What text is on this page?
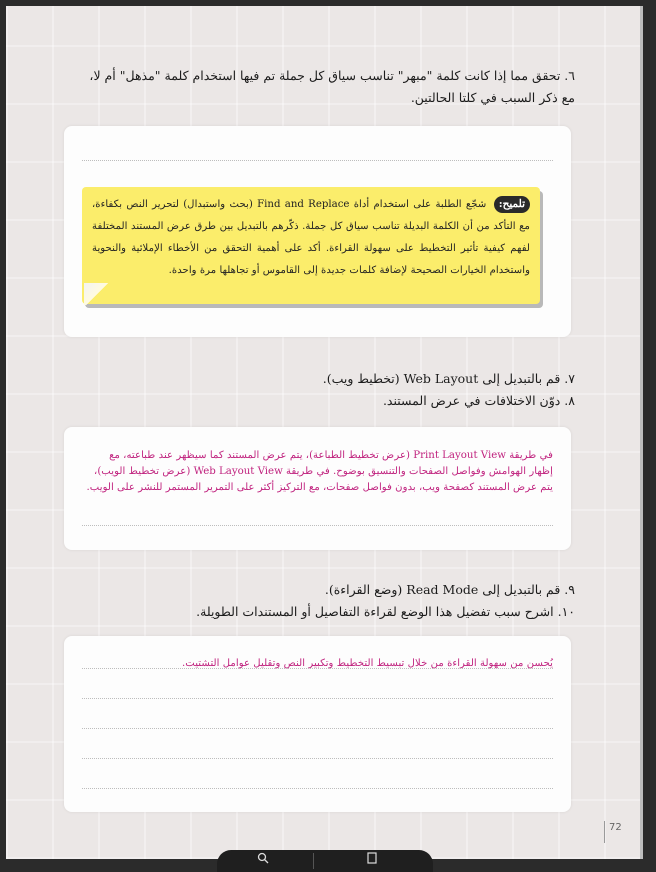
٦. تحقق مما إذا كانت كلمة "مبهر" تناسب سياق كل جملة تم فيها استخدام كلمة "مذهل" أم لا،
مع ذكر السبب في كلتا الحالتين.
تلميح: شجّع الطلبة على استخدام أداة Find and Replace (بحث واستبدال) لتحرير النص بكفاءة، مع التأكد من أن الكلمة البديلة تناسب سياق كل جملة. ذكّرهم بالتبديل بين طرق عرض المستند المختلفة لفهم كيفية تأثير التخطيط على سهولة القراءة. أكد على أهمية التحقق من الأخطاء الإملائية والنحوية واستخدام الخيارات الصحيحة لإضافة كلمات جديدة إلى القاموس أو تجاهلها مرة واحدة.
٧. قم بالتبديل إلى Web Layout (تخطيط ويب).
٨. دوّن الاختلافات في عرض المستند.
في طريقة Print Layout View (عرض تخطيط الطباعة)، يتم عرض المستند كما سيظهر عند طباعته، مع إظهار الهوامش وفواصل الصفحات والتنسيق بوضوح. في طريقة Web Layout View (عرض تخطيط الويب)، يتم عرض المستند كصفحة ويب، بدون فواصل صفحات، مع التركيز أكثر على التمرير المستمر للنشر على الويب.
٩. قم بالتبديل إلى Read Mode (وضع القراءة).
١٠. اشرح سبب تفضيل هذا الوضع لقراءة التفاصيل أو المستندات الطويلة.
يُحسن من سهولة القراءة من خلال تبسيط التخطيط وتكبير النص وتقليل عوامل التشتيت.
72
